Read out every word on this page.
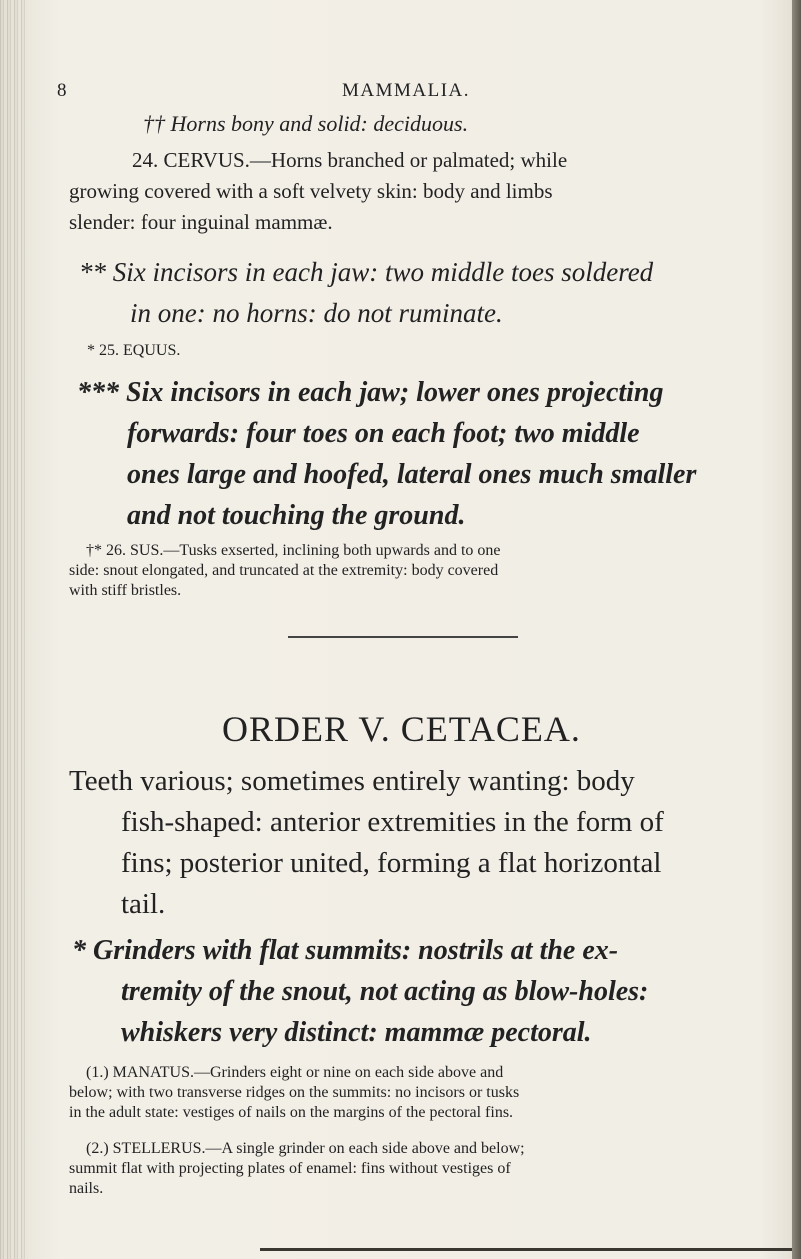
8	MAMMALIA.
†† Horns bony and solid: deciduous.
24. CERVUS.—Horns branched or palmated; while
growing covered with a soft velvety skin: body and limbs
slender: four inguinal mammæ.
** Six incisors in each jaw: two middle toes soldered
in one: no horns: do not ruminate.
* 25. EQUUS.
*** Six incisors in each jaw; lower ones projecting
forwards: four toes on each foot; two middle
ones large and hoofed, lateral ones much smaller
and not touching the ground.
†* 26. SUS.—Tusks exserted, inclining both upwards and to one
side: snout elongated, and truncated at the extremity: body covered
with stiff bristles.
ORDER V. CETACEA.
Teeth various; sometimes entirely wanting: body
fish-shaped: anterior extremities in the form of
fins; posterior united, forming a flat horizontal
tail.
* Grinders with flat summits: nostrils at the ex-
tremity of the snout, not acting as blow-holes:
whiskers very distinct: mammæ pectoral.
(1.) MANATUS.—Grinders eight or nine on each side above and
below; with two transverse ridges on the summits: no incisors or tusks
in the adult state: vestiges of nails on the margins of the pectoral fins.
(2.) STELLERUS.—A single grinder on each side above and below;
summit flat with projecting plates of enamel: fins without vestiges of
nails.
